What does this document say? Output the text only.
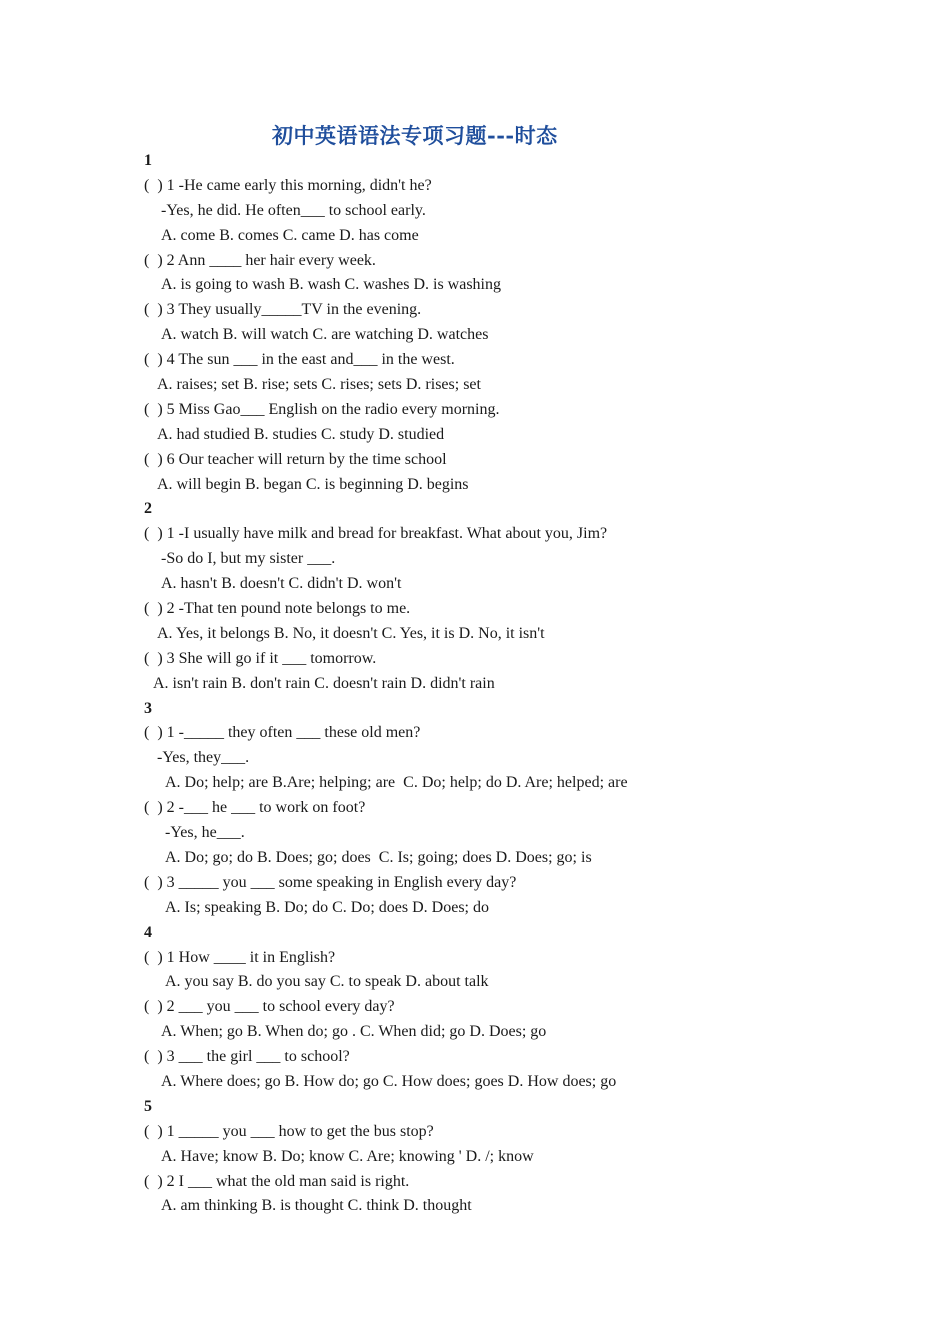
初中英语语法专项习题---时态
1
(  ) 1 -He came early this morning, didn't he?
-Yes, he did. He often___ to school early.
A. come B. comes C. came D. has come
(  ) 2 Ann ____ her hair every week.
A. is going to wash B. wash C. washes D. is washing
(  ) 3 They usually_____TV in the evening.
A. watch B. will watch C. are watching D. watches
(  ) 4 The sun ___ in the east and___ in the west.
A. raises; set B. rise; sets C. rises; sets D. rises; set
(  ) 5 Miss Gao___ English on the radio every morning.
A. had studied B. studies C. study D. studied
(  ) 6 Our teacher will return by the time school
A. will begin B. began C. is beginning D. begins
2
(  ) 1 -I usually have milk and bread for breakfast. What about you, Jim?
-So do I, but my sister ___.
A. hasn't B. doesn't C. didn't D. won't
(  ) 2 -That ten pound note belongs to me.
A. Yes, it belongs B. No, it doesn't C. Yes, it is D. No, it isn't
(  ) 3 She will go if it ___ tomorrow.
A. isn't rain B. don't rain C. doesn't rain D. didn't rain
3
(  ) 1 -_____ they often ___ these old men?
-Yes, they___.
A. Do; help; are B.Are; helping; are  C. Do; help; do D. Are; helped; are
(  ) 2 -___ he ___ to work on foot?
-Yes, he___.
A. Do; go; do B. Does; go; does  C. Is; going; does D. Does; go; is
(  ) 3 _____ you ___ some speaking in English every day?
A. Is; speaking B. Do; do C. Do; does D. Does; do
4
(  ) 1 How ____ it in English?
A. you say B. do you say C. to speak D. about talk
(  ) 2 ___ you ___ to school every day?
A. When; go B. When do; go . C. When did; go D. Does; go
(  ) 3 ___ the girl ___ to school?
A. Where does; go B. How do; go C. How does; goes D. How does; go
5
(  ) 1 _____ you ___ how to get the bus stop?
A. Have; know B. Do; know C. Are; knowing ' D. /; know
(  ) 2 I ___ what the old man said is right.
A. am thinking B. is thought C. think D. thought
